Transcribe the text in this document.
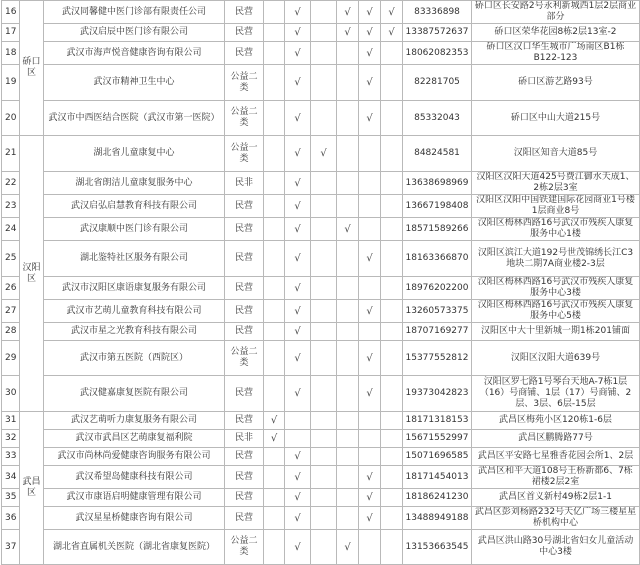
16	硚口区	武汉同馨健中医门诊部有限责任公司	民营		√		√	√	√	83336898	硚口区长安路2号永利新城西1层2层商业部分
17		武汉启辰中医门诊有限公司	民营		√		√	√	√	13387572637	硚口区荣华花园8栋2层13室-2
18		武汉市海声悦音健康咨询有限公司	民营		√			√		18062082353	硚口区汉口华生城市广场南区B1栋B122-123
19		武汉市精神卫生中心	公益二类		√			√		82281705	硚口区游艺路93号
20		武汉市中西医结合医院（武汉市第一医院）	公益二类		√			√		85332043	硚口区中山大道215号
21	汉阳区	湖北省儿童康复中心	公益一类		√	√				84824581	汉阳区知音大道85号
22		湖北省朗洁儿童康复服务中心	民非		√					13638698969	汉阳区汉阳大道425号费江御水天成1、2栋2层3室
23		武汉启弘启慧教育科技有限公司	民营		√					13667198408	汉阳区汉阳中国铁建国际花园商业1号楼1层商业8号
24		武汉康顺中医门诊有限公司	民营		√		√			18571589266	汉阳区梅林西路16号武汉市残疾人康复服务中心1楼
25		湖北鉴特社区服务有限公司	民营		√			√		18163366870	汉阳区滨江大道192号世茂锦绣长江C3地块二期7A商业楼2-3层
26		武汉市汉阳区康语康复服务有限公司	民营		√					18976202200	汉阳区梅林西路16号武汉市残疾人康复服务中心3楼
27		武汉市艺萌儿童教育科技有限公司	民营		√			√		13260573375	汉阳区梅林西路16号武汉市残疾人康复服务中心5楼
28		武汉市星之光教育科技有限公司	民营		√					18707169277	汉阳区中大十里新城一期1栋201铺面
29		武汉市第五医院（西院区）	公益二类		√			√		15377552812	汉阳区汉阳大道639号
30		武汉健嘉康复医院有限公司	民营		√			√		19373042823	汉阳区罗七路1号琴台天地A-7栋1层（16）号商铺、1层（17）号商铺、2层、3层、6层-15层
31	武昌区	武汉艺萌听力康复服务有限公司	民营	√						18171318153	武昌区梅苑小区120栋1-6层
32		武汉市武昌区艺萌康复福利院	民非	√						15671552997	武昌区鹏腾路77号
33		武汉市尚林尚爱健康咨询服务有限公司	民营		√					15071696585	武昌区平安路七星雅香花园会所1、2层
34		武汉希望岛健康科技有限公司	民营		√			√		18171454013	武昌区和平大道108号王桥新都6、7栋裙楼2层2室
35		武汉市康语启明健康管理有限公司	民营		√			√		18186241230	武昌区首义新村49栋2层1-1
36		武汉星星桥健康咨询有限公司	民营		√			√		13488949188	武昌区彭刘杨路232号天亿广场三楼星星桥机构中心
37		湖北省直属机关医院（湖北省康复医院）	公益二类		√		√			13153663545	武昌区洪山路30号湖北省妇女儿童活动中心3楼
